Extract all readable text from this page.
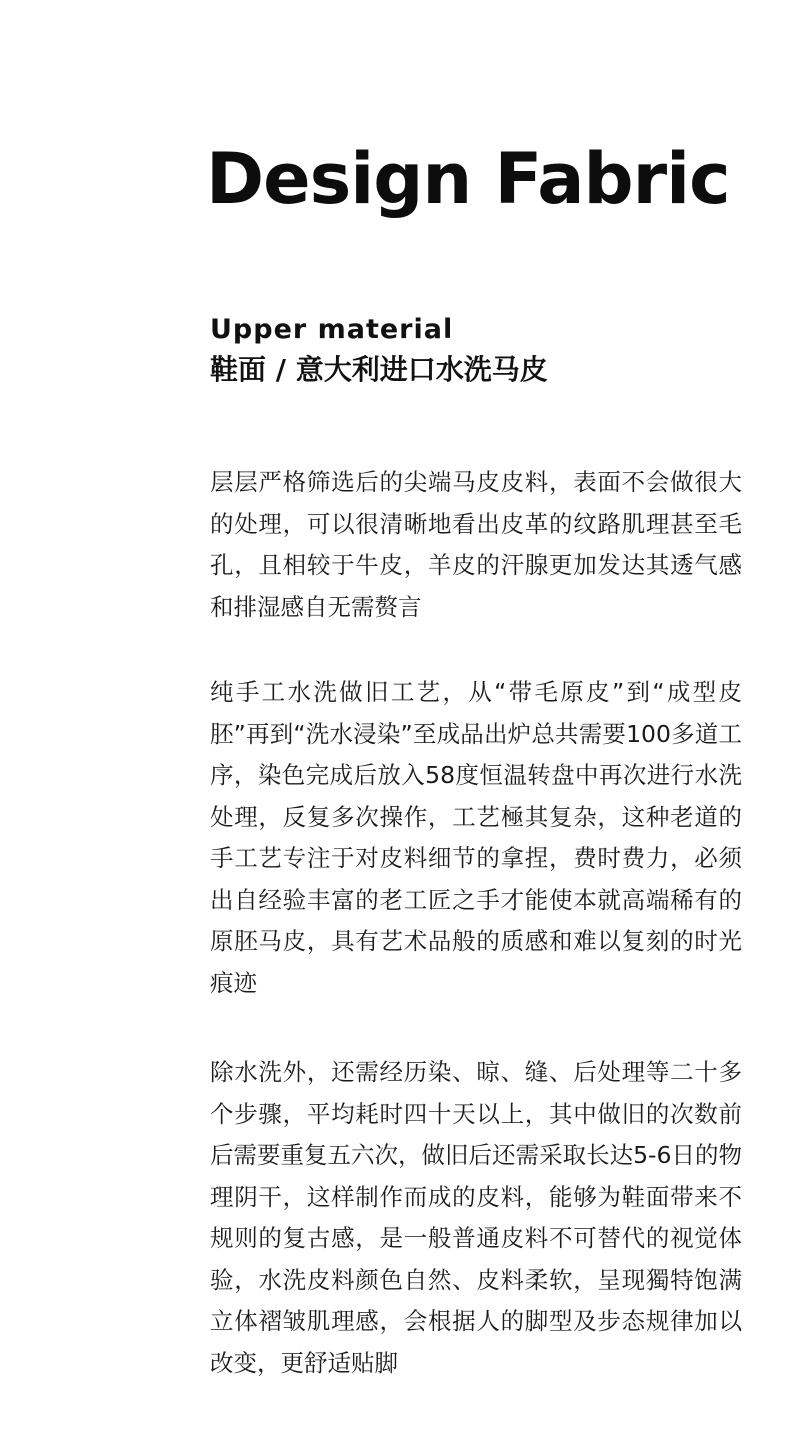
Design Fabric

Upper material

鞋面 / 意大利进口水洗马皮

层层严格筛选后的尖端马皮皮料，表面不会做很大的处理，可以很清晰地看出皮革的纹路肌理甚至毛孔，且相较于牛皮，羊皮的汗腺更加发达其透气感和排湿感自无需赘言

纯手工水洗做旧工艺，从“带毛原皮”到“成型皮胚”再到“洗水浸染”至成品出炉总共需要100多道工序，染色完成后放入58度恒温转盘中再次进行水洗处理，反复多次操作，工艺極其复杂，这种老道的手工艺专注于对皮料细节的拿捏，费时费力，必须出自经验丰富的老工匠之手才能使本就高端稀有的原胚马皮，具有艺术品般的质感和难以复刻的时光痕迹

除水洗外，还需经历染、晾、缝、后处理等二十多个步骤，平均耗时四十天以上，其中做旧的次数前后需要重复五六次，做旧后还需采取长达5-6日的物理阴干，这样制作而成的皮料，能够为鞋面带来不规则的复古感，是一般普通皮料不可替代的视觉体验，水洗皮料颜色自然、皮料柔软，呈现獨特饱满立体褶皱肌理感，会根据人的脚型及步态规律加以改变，更舒适贴脚
